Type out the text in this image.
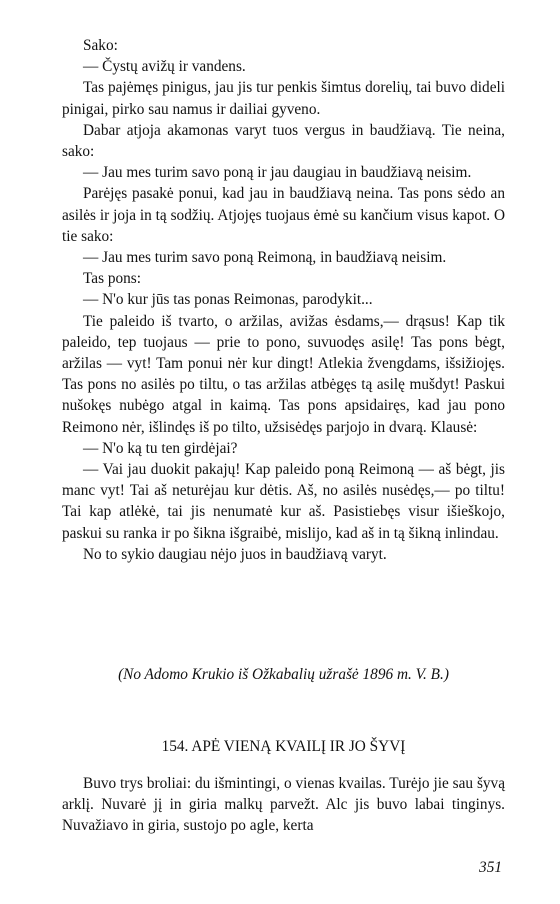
Sako:

— Čystų avižų ir vandens.

Tas pajėmęs pinigus, jau jis tur penkis šimtus dorelių, tai buvo dideli pinigai, pirko sau namus ir dailiai gyveno.

Dabar atjoja akamonas varyt tuos vergus in baudžiavą. Tie neina, sako:

— Jau mes turim savo poną ir jau daugiau in baudžiavą neisim.

Parėjęs pasakė ponui, kad jau in baudžiavą neina. Tas pons sėdo an asilės ir joja in tą sodžių. Atjojęs tuojaus ėmė su kančium visus kapot. O tie sako:

— Jau mes turim savo poną Reimoną, in baudžiavą neisim.

Tas pons:

— N'o kur jūs tas ponas Reimonas, parodykit...

Tie paleido iš tvarto, o aržilas, avižas ėsdams,— drąsus! Kap tik paleido, tep tuojaus — prie to pono, suvuodęs asilę! Tas pons bėgt, aržilas — vyt! Tam ponui nėr kur dingt! Atlekia žvengdams, išsižiojęs. Tas pons no asilės po tiltu, o tas aržilas atbėgęs tą asilę mušdyt! Paskui nušokęs nubėgo atgal in kaimą. Tas pons apsidairęs, kad jau pono Reimono nėr, išlindęs iš po tilto, užsisėdęs parjojo in dvarą. Klausė:

— N'o ką tu ten girdėjai?

— Vai jau duokit pakajų! Kap paleido poną Reimoną — aš bėgt, jis manc vyt! Tai aš neturėjau kur dėtis. Aš, no asilės nusėdęs,— po tiltu! Tai kap atlėkė, tai jis nenumatė kur aš. Pasistiebęs visur išieškojo, paskui su ranka ir po šikna išgraibė, mislijo, kad aš in tą šikną inlindau.

No to sykio daugiau nėjo juos in baudžiavą varyt.

(No Adomo Krukio iš Ožkabalių užrašė 1896 m. V. B.)
154. APĖ VIENĄ KVAILĮ IR JO ŠYVĮ

Buvo trys broliai: du išmintingi, o vienas kvailas. Turėjo jie sau šyvą arklį. Nuvarė jį in giria malkų parvežt. Alc jis buvo labai tinginys. Nuvažiavo in giria, sustojo po agle, kerta

351
